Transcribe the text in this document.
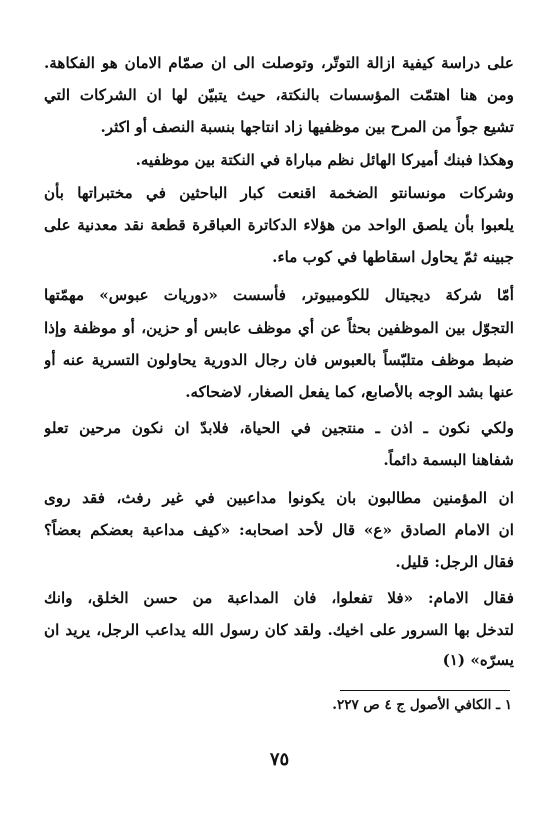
على دراسة كيفية ازالة التوتّر، وتوصلت الى ان صمّام الامان هو الفكاهة.
ومن هنا اهتمّت المؤسسات بالنكتة، حيث يتبيّن لها ان الشركات التي
تشيع جواً من المرح بين موظفيها زاد انتاجها بنسبة النصف أو اكثر.
وهكذا فبنك أميركا الهائل نظم مباراة في النكتة بين موظفيه.
وشركات مونسانتو الضخمة اقنعت كبار الباحثين في مختبراتها بأن
يلعبوا بأن يلصق الواحد من هؤلاء الدكاترة العباقرة قطعة نقد معدنية على
جبينه ثمّ يحاول اسقاطها في كوب ماء.
أمّا شركة ديجيتال للكومبيوتر، فأسست «دوريات عبوس» مهمّتها
التجوّل بين الموظفين بحثاً عن أي موظف عابس أو حزين، أو موظفة وإذا
ضبط موظف متلبّساً بالعبوس فان رجال الدورية يحاولون التسرية عنه أو
عنها بشد الوجه بالأصابع، كما يفعل الصغار، لاضحاكه.
ولكي نكون ـ اذن ـ منتجين في الحياة، فلابدّ ان نكون مرحين تعلو
شفاهنا البسمة دائماً.
ان المؤمنين مطالبون بان يكونوا مداعبين في غير رفث، فقد روى
ان الامام الصادق «ع» قال لأحد اصحابه: «كيف مداعبة بعضكم بعضاً؟
فقال الرجل: قليل.
فقال الامام: «فلا تفعلوا، فان المداعبة من حسن الخلق، وانك
لتدخل بها السرور على اخيك. ولقد كان رسول الله يداعب الرجل، يريد ان
يسرّه» (١)
١ ـ الكافي الأصول ج ٤ ص ٢٢٧.
٧٥
